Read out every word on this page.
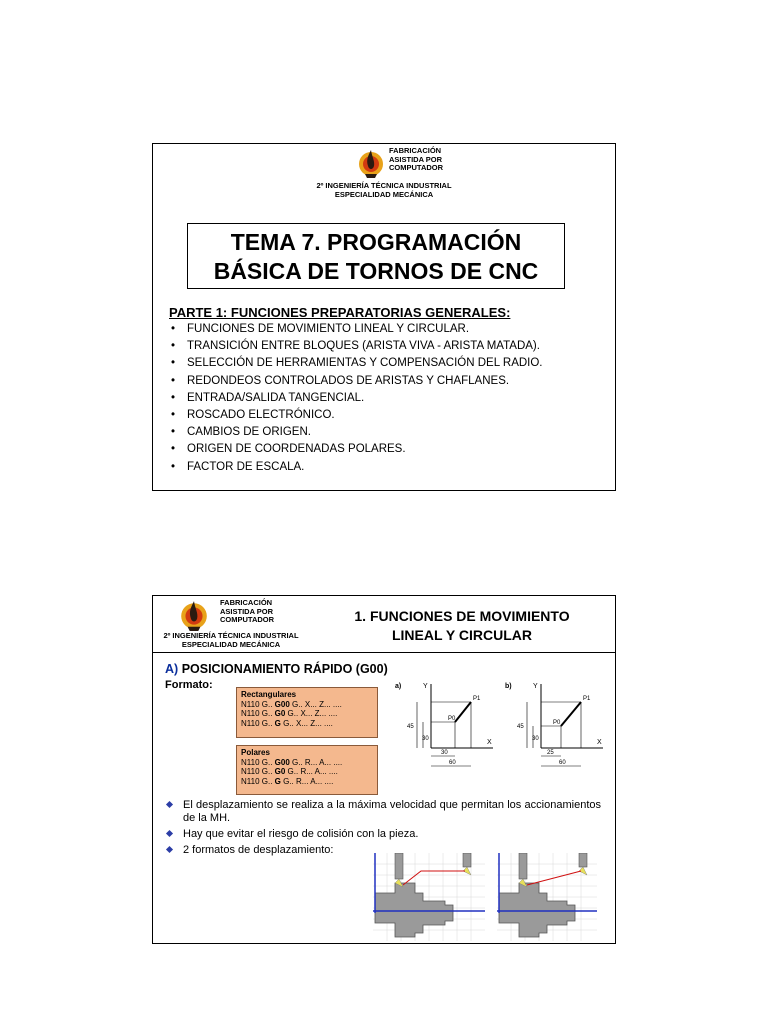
FABRICACIÓN
ASISTIDA POR
COMPUTADOR
2º INGENIERÍA TÉCNICA INDUSTRIAL
ESPECIALIDAD MECÁNICA
TEMA 7. PROGRAMACIÓN
BÁSICA DE TORNOS DE CNC
PARTE 1: FUNCIONES PREPARATORIAS GENERALES:
• FUNCIONES DE MOVIMIENTO LINEAL Y CIRCULAR.
• TRANSICIÓN ENTRE BLOQUES (ARISTA VIVA - ARISTA MATADA).
• SELECCIÓN DE HERRAMIENTAS Y COMPENSACIÓN DEL RADIO.
• REDONDEOS CONTROLADOS DE ARISTAS Y CHAFLANES.
• ENTRADA/SALIDA TANGENCIAL.
• ROSCADO ELECTRÓNICO.
• CAMBIOS DE ORIGEN.
• ORIGEN DE COORDENADAS POLARES.
• FACTOR DE ESCALA.
FABRICACIÓN
ASISTIDA POR
COMPUTADOR
2º INGENIERÍA TÉCNICA INDUSTRIAL
ESPECIALIDAD MECÁNICA
1. FUNCIONES DE MOVIMIENTO
LINEAL Y CIRCULAR
A) POSICIONAMIENTO RÁPIDO (G00)
Formato:
Rectangulares
N110 G.. G00 G.. X... Z... ....
N110 G.. G0 G.. X... Z... ....
N110 G.. G G.. X... Z... ....
Polares
N110 G.. G00 G.. R... A... ....
N110 G.. G0 G.. R... A... ....
N110 G.. G G.. R... A... ....
a)	Y
X
P1
P0
45
30
30
60
b)	Y
X
P1
P0
45
30
25
60
El desplazamiento se realiza a la máxima velocidad que permitan los accionamientos de la MH.
Hay que evitar el riesgo de colisión con la pieza.
2 formatos de desplazamiento:
